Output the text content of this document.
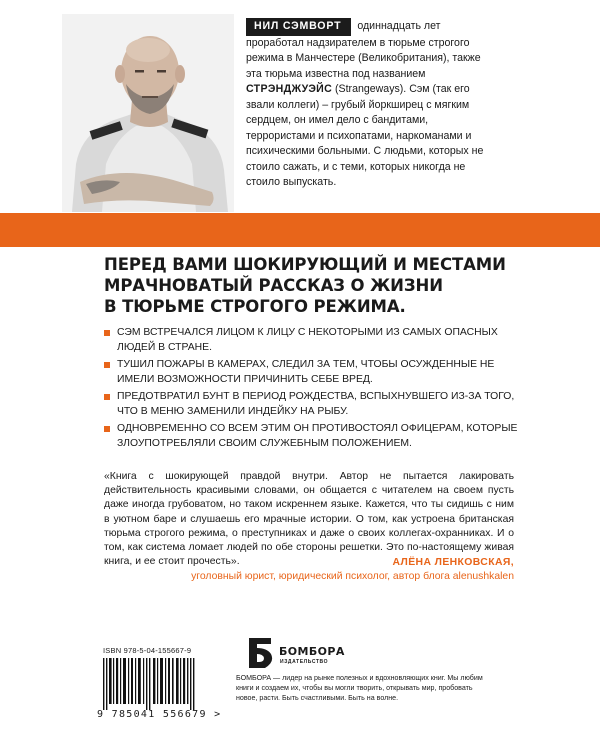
НИЛ СЭМВОРТ одиннадцать лет проработал надзирателем в тюрьме строгого режима в Манчестере (Великобритания), также эта тюрьма известна под названием СТРЭНДЖУЭЙС (Strangeways). Сэм (так его звали коллеги) – грубый йоркширец с мягким сердцем, он имел дело с бандитами, террористами и психопатами, наркоманами и психическими больными. С людьми, которых не стоило сажать, и с теми, которых никогда не стоило выпускать.
ПЕРЕД ВАМИ ШОКИРУЮЩИЙ И МЕСТАМИ
МРАЧНОВАТЫЙ РАССКАЗ О ЖИЗНИ
В ТЮРЬМЕ СТРОГОГО РЕЖИМА.
СЭМ ВСТРЕЧАЛСЯ ЛИЦОМ К ЛИЦУ С НЕКОТОРЫМИ ИЗ САМЫХ ОПАСНЫХ ЛЮДЕЙ В СТРАНЕ.
ТУШИЛ ПОЖАРЫ В КАМЕРАХ, СЛЕДИЛ ЗА ТЕМ, ЧТОБЫ ОСУЖДЕННЫЕ НЕ ИМЕЛИ ВОЗМОЖНОСТИ ПРИЧИНИТЬ СЕБЕ ВРЕД.
ПРЕДОТВРАТИЛ БУНТ В ПЕРИОД РОЖДЕСТВА, ВСПЫХНУВШЕГО ИЗ-ЗА ТОГО, ЧТО В МЕНЮ ЗАМЕНИЛИ ИНДЕЙКУ НА РЫБУ.
ОДНОВРЕМЕННО СО ВСЕМ ЭТИМ ОН ПРОТИВОСТОЯЛ ОФИЦЕРАМ, КОТОРЫЕ ЗЛОУПОТРЕБЛЯЛИ СВОИМ СЛУЖЕБНЫМ ПОЛОЖЕНИЕМ.
«Книга с шокирующей правдой внутри. Автор не пытается лакировать действительность красивыми словами, он общается с читателем на своем пусть даже иногда грубоватом, но таком искреннем языке. Кажется, что ты сидишь с ним в уютном баре и слушаешь его мрачные истории. О том, как устроена британская тюрьма строгого режима, о преступниках и даже о своих коллегах-охранниках. И о том, как система ломает людей по обе стороны решетки. Это по-настоящему живая книга, и ее стоит прочесть».	АЛЁНА ЛЕНКОВСКАЯ,
уголовный юрист, юридический психолог, автор блога alenushkalen
ISBN 978-5-04-155667-9
9 785041 556679 >
БОМБОРА
ИЗДАТЕЛЬСТВО
БОМБОРА — лидер на рынке полезных и вдохновляющих книг. Мы любим книги и создаем их, чтобы вы могли творить, открывать мир, пробовать новое, расти. Быть счастливыми. Быть на волне.
